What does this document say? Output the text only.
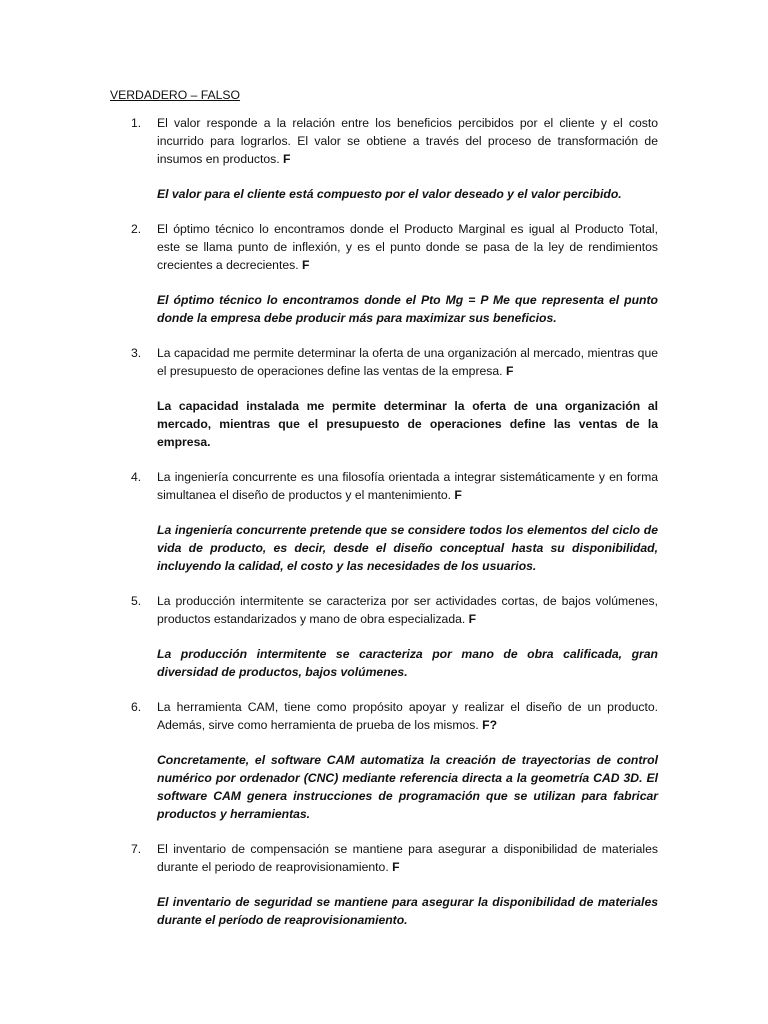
VERDADERO – FALSO

1. El valor responde a la relación entre los beneficios percibidos por el cliente y el costo incurrido para lograrlos. El valor se obtiene a través del proceso de transformación de insumos en productos. F

El valor para el cliente está compuesto por el valor deseado y el valor percibido.

2. El óptimo técnico lo encontramos donde el Producto Marginal es igual al Producto Total, este se llama punto de inflexión, y es el punto donde se pasa de la ley de rendimientos crecientes a decrecientes. F

El óptimo técnico lo encontramos donde el Pto Mg = P Me que representa el punto donde la empresa debe producir más para maximizar sus beneficios.

3. La capacidad me permite determinar la oferta de una organización al mercado, mientras que el presupuesto de operaciones define las ventas de la empresa. F

La capacidad instalada me permite determinar la oferta de una organización al mercado, mientras que el presupuesto de operaciones define las ventas de la empresa.

4. La ingeniería concurrente es una filosofía orientada a integrar sistemáticamente y en forma simultanea el diseño de productos y el mantenimiento. F

La ingeniería concurrente pretende que se considere todos los elementos del ciclo de vida de producto, es decir, desde el diseño conceptual hasta su disponibilidad, incluyendo la calidad, el costo y las necesidades de los usuarios.

5. La producción intermitente se caracteriza por ser actividades cortas, de bajos volúmenes, productos estandarizados y mano de obra especializada. F

La producción intermitente se caracteriza por mano de obra calificada, gran diversidad de productos, bajos volúmenes.

6. La herramienta CAM, tiene como propósito apoyar y realizar el diseño de un producto. Además, sirve como herramienta de prueba de los mismos. F?

Concretamente, el software CAM automatiza la creación de trayectorias de control numérico por ordenador (CNC) mediante referencia directa a la geometría CAD 3D. El software CAM genera instrucciones de programación que se utilizan para fabricar productos y herramientas.

7. El inventario de compensación se mantiene para asegurar a disponibilidad de materiales durante el periodo de reaprovisionamiento. F

El inventario de seguridad se mantiene para asegurar la disponibilidad de materiales durante el período de reaprovisionamiento.
